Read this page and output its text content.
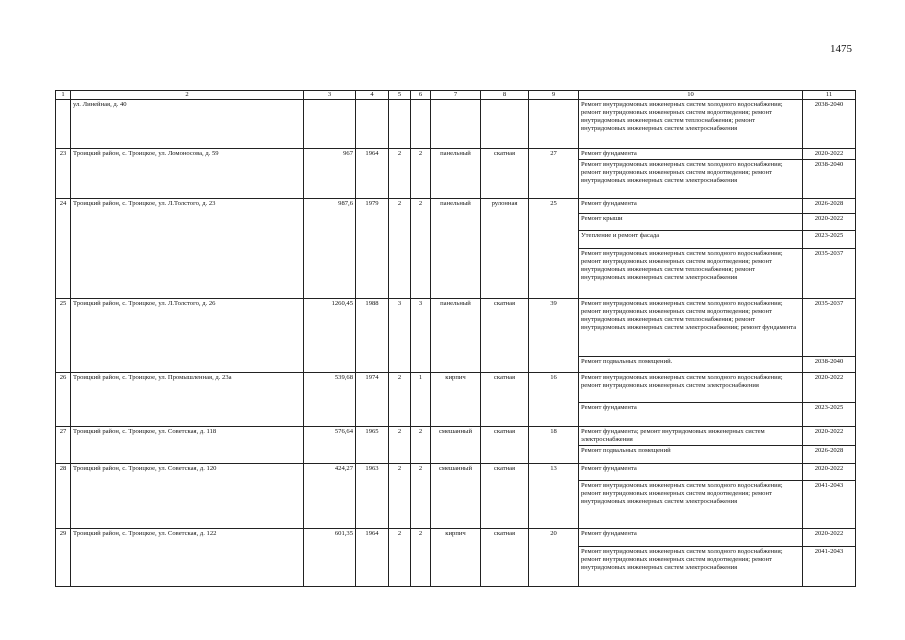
1475
1	2	3	4	5	6	7	8	9	10	11
	ул. Линейная, д. 40								Ремонт внутридомовых инженерных систем холодного водоснабжения; ремонт внутридомовых инженерных систем водоотведения; ремонт внутридомовых инженерных систем теплоснабжения; ремонт внутридомовых инженерных систем электроснабжения	2038-2040
23	Троицкий район, с. Троицкое, ул. Ломоносова, д. 59	967	1964	2	2	панельный	скатная	27	Ремонт фундамента	2020-2022
									Ремонт внутридомовых инженерных систем холодного водоснабжения; ремонт внутридомовых инженерных систем водоотведения; ремонт внутридомовых инженерных систем электроснабжения	2038-2040
24	Троицкий район, с. Троицкое, ул. Л.Толстого, д. 23	987,6	1979	2	2	панельный	рулонная	25	Ремонт фундамента	2026-2028
									Ремонт крыши	2020-2022
									Утепление и ремонт фасада	2023-2025
									Ремонт внутридомовых инженерных систем холодного водоснабжения; ремонт внутридомовых инженерных систем водоотведения; ремонт внутридомовых инженерных систем теплоснабжения; ремонт внутридомовых инженерных систем электроснабжения	2035-2037
25	Троицкий район, с. Троицкое, ул. Л.Толстого, д. 26	1260,45	1988	3	3	панельный	скатная	39	Ремонт внутридомовых инженерных систем холодного водоснабжения; ремонт внутридомовых инженерных систем водоотведения; ремонт внутридомовых инженерных систем теплоснабжения; ремонт внутридомовых инженерных систем электроснабжения; ремонт фундамента	2035-2037
									Ремонт подвальных помещений.	2038-2040
26	Троицкий район, с. Троицкое, ул. Промышленная, д. 23а	539,68	1974	2	1	кирпич	скатная	16	Ремонт внутридомовых инженерных систем холодного водоснабжения; ремонт внутридомовых инженерных систем электроснабжения	2020-2022
									Ремонт фундамента	2023-2025
27	Троицкий район, с. Троицкое, ул. Советская, д. 118	576,64	1965	2	2	смешанный	скатная	18	Ремонт фундамента; ремонт внутридомовых инженерных систем электроснабжения	2020-2022
									Ремонт подвальных помещений	2026-2028
28	Троицкий район, с. Троицкое, ул. Советская, д. 120	424,27	1963	2	2	смешанный	скатная	13	Ремонт фундамента	2020-2022
									Ремонт внутридомовых инженерных систем холодного водоснабжения; ремонт внутридомовых инженерных систем водоотведения; ремонт внутридомовых инженерных систем электроснабжения	2041-2043
29	Троицкий район, с. Троицкое, ул. Советская, д. 122	601,35	1964	2	2	кирпич	скатная	20	Ремонт фундамента	2020-2022
									Ремонт внутридомовых инженерных систем холодного водоснабжения; ремонт внутридомовых инженерных систем водоотведения; ремонт внутридомовых инженерных систем электроснабжения	2041-2043
